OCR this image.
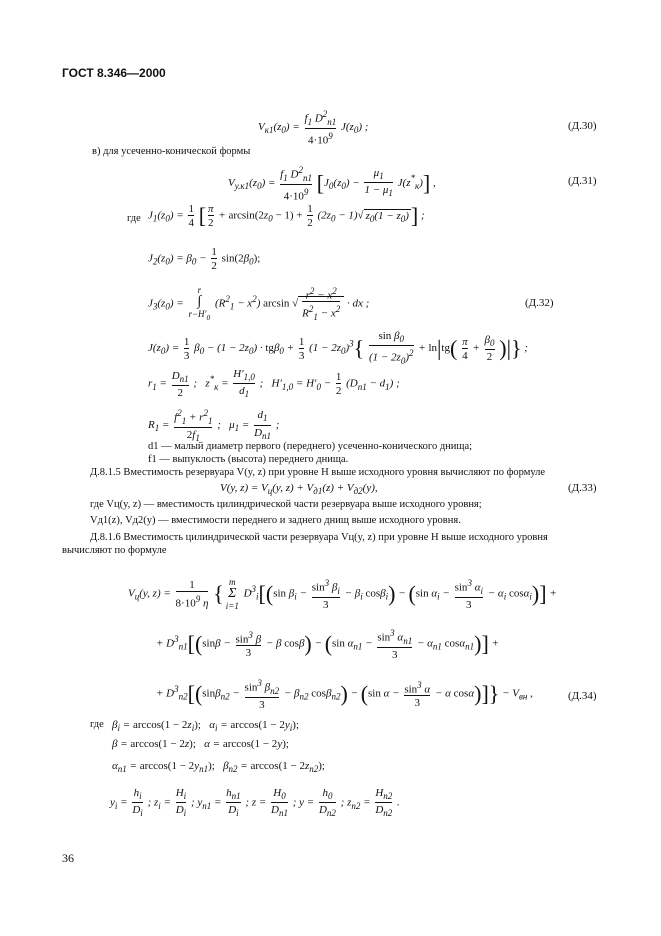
ГОСТ 8.346—2000
$V_{к1}(z_0) = \frac{f_1 D^2_{п1}}{4\cdot 10^9} J(z_0)$ ;	(Д.30)
в) для усеченно-конической формы
$V_{у.к1}(z_0) = \frac{f_1 D^2_{п1}}{4\cdot 10^9} [J_0(z_0) - \frac{\mu_1}{1 - \mu_1} J(z^*_к)]$ ,	(Д.31)
где $J_1(z_0) = \frac{1}{4}$ [ $\frac{\pi}{2} + \arcsin(2z_0 - 1) + \frac{1}{2} (2z_0 - 1)√$ $z_0(1 - z_0)$] ;
$J_2(z_0) = \beta_0 - \frac{1}{2} \sin(2\beta_0)$;
$J_3(z_0)$ =
r
∫
$r-H'_0$
$(R^2_1 - x^2)$ arcsin √ $\frac{r^2 - x^2}{R^2_1 - x^2}$ · dx ;	(Д.32)
$J(z_0) = \frac{1}{3} \beta_0 - (1 - 2z_0) \cdot tg\beta_0 + \frac{1}{3} (1 - 2z_0)^3\{ \frac{\sin \beta_0}{(1 - 2z_0)^2} + \ln|tg( \frac{\pi}{4} + \frac{\beta_0}{2}$ )|} ;
$r_1 = \frac{D_{п1}}{2}$ ;   $z^*_к = \frac{H'_{1,0}}{d_1}$ ;   $H'_{1,0} = H'_0 - \frac{1}{2} (D_{п1} - d_1)$ ;
$R_1 = \frac{f^2_1 + r^2_1}{2f_1}$ ;   $\mu_1 = \frac{d_1}{D_{п1}}$ ;
d1 — малый диаметр первого (переднего) усеченно-конического днища;
f1 — выпуклость (высота) переднего днища.
Д.8.1.5 Вместимость резервуара V(y, z) при уровне H выше исходного уровня вычисляют по формуле
V(y, $z) = V_ц(y$, $z) + V_{д1}(z) + V_{д2}(y)$,	(Д.33)
где Vц(y, z) — вместимость цилиндрической части резервуара выше исходного уровня;
Vд1(z), Vд2(y) — вместимости переднего и заднего днищ выше исходного уровня.
Д.8.1.6 Вместимость цилиндрической части резервуара Vц(y, z) при уровне H выше исходного уровня
вычисляют по формуле
$V_ц(y$, $z) = \frac{1}{8\cdot 10^9 \eta}$ { m
Σ
i=1
$D^3_i[(\sin$ $\beta_i - \frac{\sin^3 \beta_i}{3} - \beta_i$ cosβ$_i$) − (sin $\alpha_i - \frac{\sin^3 \alpha_i}{3} - \alpha_i$ cosα$_i$)] +
+ $D^3_{п1}[(\sin\beta - \frac{\sin^3 \beta}{3} - \beta$ cosβ) − (sin $\alpha_{п1} - \frac{\sin^3 \alpha_{п1}}{3} - \alpha_{п1}$ cosα$_{п1}$)] +
+ $D^3_{п2}[(\sin\beta_{п2} - \frac{\sin^3 \beta_{п2}}{3} - \beta_{п2}$ cosβ$_{п2}$) − (sin $\alpha - \frac{\sin^3 \alpha}{3} - \alpha$ $\cos\alpha)]\} - V_{вн}$ ,	(Д.34)
где $\beta_i = \arccos(1 - 2z_i)$;   $\alpha_i = \arccos(1 - 2y_i)$;
β = arccos(1 − 2z);   α = arccos(1 − 2y);
$\alpha_{п1} = \arccos(1 - 2y_{п1})$;   $\beta_{п2} = \arccos(1 - 2z_{п2})$;
$y_i = \frac{h_i}{D_i}$ ; $z_i = \frac{H_i}{D_i}$ ; $y_{п1} = \frac{h_{п1}}{D_i}$ ; $z = \frac{H_0}{D_{п1}}$ ; $y = \frac{h_0}{D_{п2}}$ ; $z_{п2} = \frac{H_{п2}}{D_{п2}}$ .
36
